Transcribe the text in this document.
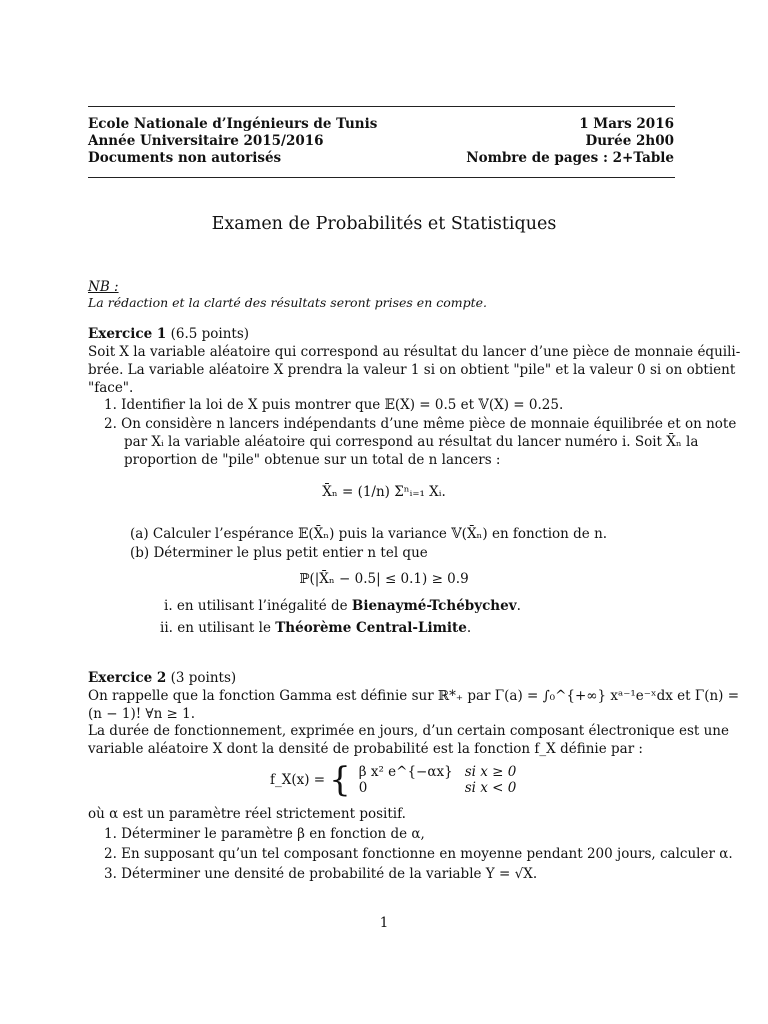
Ecole Nationale d’Ingénieurs de Tunis
Année Universitaire 2015/2016
Documents non autorisés
1 Mars 2016
Durée 2h00
Nombre de pages : 2+Table
Examen de Probabilités et Statistiques
NB :
La rédaction et la clarté des résultats seront prises en compte.
Exercice 1 (6.5 points)
Soit X la variable aléatoire qui correspond au résultat du lancer d’une pièce de monnaie équili-
brée. La variable aléatoire X prendra la valeur 1 si on obtient "pile" et la valeur 0 si on obtient
"face".
1. Identifier la loi de X puis montrer que 𝔼(X) = 0.5 et 𝕍(X) = 0.25.
2. On considère n lancers indépendants d’une même pièce de monnaie équilibrée et on note
par Xᵢ la variable aléatoire qui correspond au résultat du lancer numéro i. Soit X̄ₙ la
proportion de "pile" obtenue sur un total de n lancers :
X̄ₙ = (1/n) Σⁿᵢ₌₁ Xᵢ.
(a) Calculer l’espérance 𝔼(X̄ₙ) puis la variance 𝕍(X̄ₙ) en fonction de n.
(b) Déterminer le plus petit entier n tel que
ℙ(|X̄ₙ − 0.5| ≤ 0.1) ≥ 0.9
i. en utilisant l’inégalité de Bienaymé-Tchébychev.
ii. en utilisant le Théorème Central-Limite.
Exercice 2 (3 points)
On rappelle que la fonction Gamma est définie sur ℝ*₊ par Γ(a) = ∫₀^{+∞} xᵃ⁻¹e⁻ˣdx et Γ(n) =
(n − 1)! ∀n ≥ 1.
La durée de fonctionnement, exprimée en jours, d’un certain composant électronique est une
variable aléatoire X dont la densité de probabilité est la fonction f_X définie par :
f_X(x) = { β x² e^{−αx}	si x ≥ 0
0	si x < 0
où α est un paramètre réel strictement positif.
1. Déterminer le paramètre β en fonction de α,
2. En supposant qu’un tel composant fonctionne en moyenne pendant 200 jours, calculer α.
3. Déterminer une densité de probabilité de la variable Y = √X.
1
